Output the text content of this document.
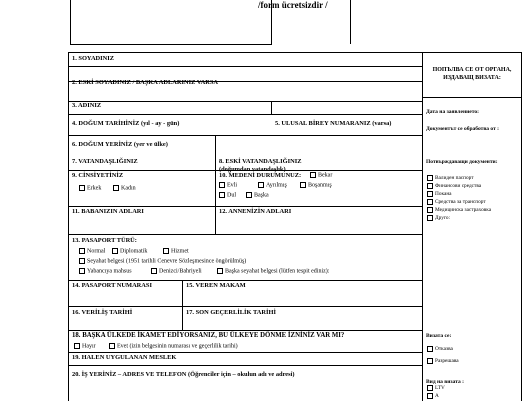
/form ücretsizdir /
1. SOYADINIZ
2. ESKİ SOYADINIZ / BAŞKA ADLARINIZ VARSA
3. ADINIZ
4. DOĞUM TARİHİNİZ (yıl - ay - gün)	5. ULUSAL BİREY NUMARANIZ (varsa)
6. DOĞUM YERİNİZ (yer ve ülke)
7. VATANDAŞLIĞINIZ	8. ESKİ VATANDAŞLIĞINIZ
(doğumdan vatandaşlık)
9. CİNSİYETİNİZ
Erkek	Kadın
10. MEDENİ DURUMUNUZ:	Bekar
Evli	Ayrılmış	Boşanmış
Dul	Başka
11. BABANIZIN ADLARI	12. ANNENİZİN ADLARI
13. PASAPORT TÜRÜ:
Normal	Diplomatik	Hizmet
Seyahat belgesi (1951 tarihli Cenevre Sözleşmesince öngörülmüş)
Yabancıya mahsus	Denizci/Bahriyeli	Başka seyahat belgesi (lütfen tespit ediniz):
14. PASAPORT NUMARASI	15. VEREN MAKAM
16. VERİLİŞ TARİHİ	17. SON GEÇERLİLİK TARİHİ
18. BAŞKA ÜLKEDE İKAMET EDİYORSANIZ, BU ÜLKEYE DÖNME İZNİNİZ VAR MI?
Hayır	Evet (izin belgesinin numarası ve geçerlilik tarihi)
19. HALEN UYGULANAN MESLEK
20. İŞ YERİNİZ – ADRES VE TELEFON (Öğrenciler için – okulun adı ve adresi)
ПОПЪЛВА СЕ ОТ ОРГАНА, ИЗДАВАЩ ВИЗАТА:
Дата на заявлението:
Документът се обработва от :
Потвърждаващи документи:
Валиден паспорт
Финансови средства
Покана
Средства за транспорт
Медицинска застраховка
Друго:
Визата се:
Отказва
Разрешава
Вид на визата :
LTV
A
